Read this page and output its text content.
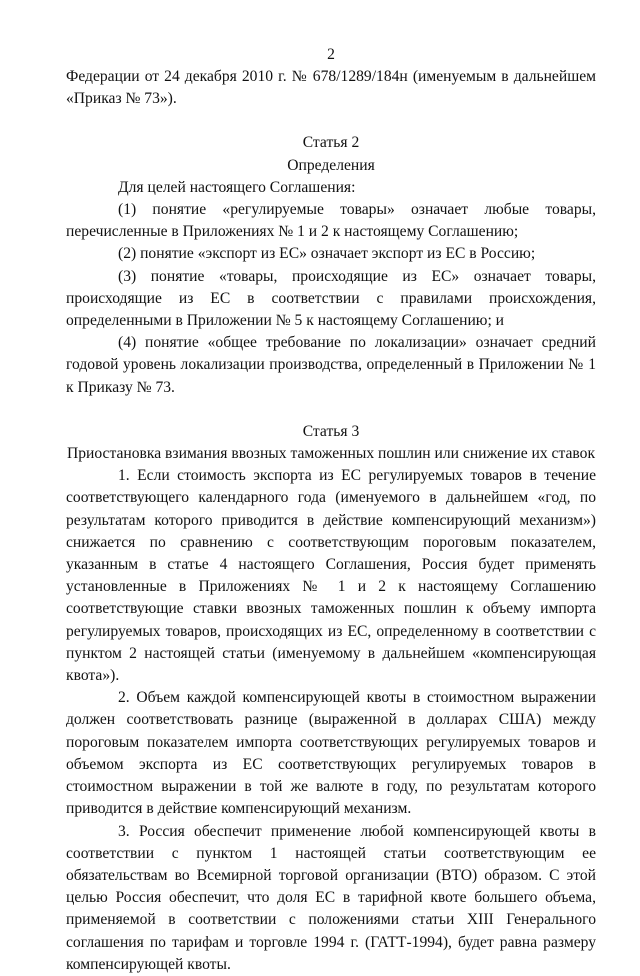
2

Федерации от 24 декабря 2010 г. № 678/1289/184н (именуемым в дальнейшем «Приказ № 73»).

Статья 2

Определения

Для целей настоящего Соглашения:

(1) понятие «регулируемые товары» означает любые товары, перечисленные в Приложениях № 1 и 2 к настоящему Соглашению;

(2) понятие «экспорт из ЕС» означает экспорт из ЕС в Россию;

(3) понятие «товары, происходящие из ЕС» означает товары, происходящие из ЕС в соответствии с правилами происхождения, определенными в Приложении № 5 к настоящему Соглашению; и

(4) понятие «общее требование по локализации» означает средний годовой уровень локализации производства, определенный в Приложении № 1 к Приказу № 73.

Статья 3

Приостановка взимания ввозных таможенных пошлин или снижение их ставок

1. Если стоимость экспорта из ЕС регулируемых товаров в течение соответствующего календарного года (именуемого в дальнейшем «год, по результатам которого приводится в действие компенсирующий механизм») снижается по сравнению с соответствующим пороговым показателем, указанным в статье 4 настоящего Соглашения, Россия будет применять установленные в Приложениях № 1 и 2 к настоящему Соглашению соответствующие ставки ввозных таможенных пошлин к объему импорта регулируемых товаров, происходящих из ЕС, определенному в соответствии с пунктом 2 настоящей статьи (именуемому в дальнейшем «компенсирующая квота»).

2. Объем каждой компенсирующей квоты в стоимостном выражении должен соответствовать разнице (выраженной в долларах США) между пороговым показателем импорта соответствующих регулируемых товаров и объемом экспорта из ЕС соответствующих регулируемых товаров в стоимостном выражении в той же валюте в году, по результатам которого приводится в действие компенсирующий механизм.

3. Россия обеспечит применение любой компенсирующей квоты в соответствии с пунктом 1 настоящей статьи соответствующим ее обязательствам во Всемирной торговой организации (ВТО) образом. С этой целью Россия обеспечит, что доля ЕС в тарифной квоте большего объема, применяемой в соответствии с положениями статьи XIII Генерального соглашения по тарифам и торговле 1994 г. (ГАТТ-1994), будет равна размеру компенсирующей квоты.
